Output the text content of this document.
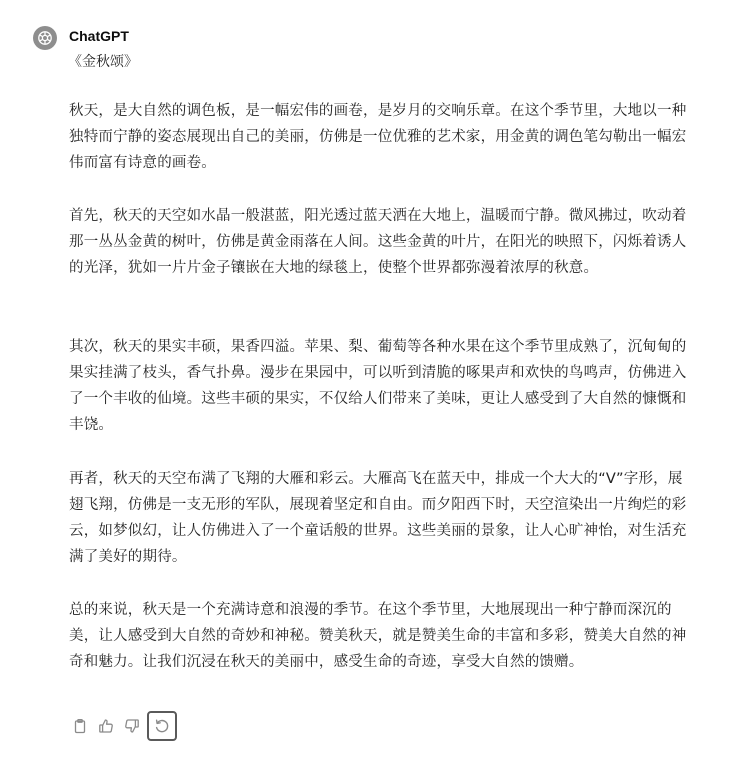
ChatGPT
《金秋颂》
秋天，是大自然的调色板，是一幅宏伟的画卷，是岁月的交响乐章。在这个季节里，大地以一种独特而宁静的姿态展现出自己的美丽，仿佛是一位优雅的艺术家，用金黄的调色笔勾勒出一幅宏伟而富有诗意的画卷。
首先，秋天的天空如水晶一般湛蓝，阳光透过蓝天洒在大地上，温暖而宁静。微风拂过，吹动着那一丛丛金黄的树叶，仿佛是黄金雨落在人间。这些金黄的叶片，在阳光的映照下，闪烁着诱人的光泽，犹如一片片金子镶嵌在大地的绿毯上，使整个世界都弥漫着浓厚的秋意。
其次，秋天的果实丰硕，果香四溢。苹果、梨、葡萄等各种水果在这个季节里成熟了，沉甸甸的果实挂满了枝头，香气扑鼻。漫步在果园中，可以听到清脆的啄果声和欢快的鸟鸣声，仿佛进入了一个丰收的仙境。这些丰硕的果实，不仅给人们带来了美味，更让人感受到了大自然的慷慨和丰饶。
再者，秋天的天空布满了飞翔的大雁和彩云。大雁高飞在蓝天中，排成一个大大的“V”字形，展翅飞翔，仿佛是一支无形的军队，展现着坚定和自由。而夕阳西下时，天空渲染出一片绚烂的彩云，如梦似幻，让人仿佛进入了一个童话般的世界。这些美丽的景象，让人心旷神怡，对生活充满了美好的期待。
总的来说，秋天是一个充满诗意和浪漫的季节。在这个季节里，大地展现出一种宁静而深沉的美，让人感受到大自然的奇妙和神秘。赞美秋天，就是赞美生命的丰富和多彩，赞美大自然的神奇和魅力。让我们沉浸在秋天的美丽中，感受生命的奇迹，享受大自然的馈赠。
